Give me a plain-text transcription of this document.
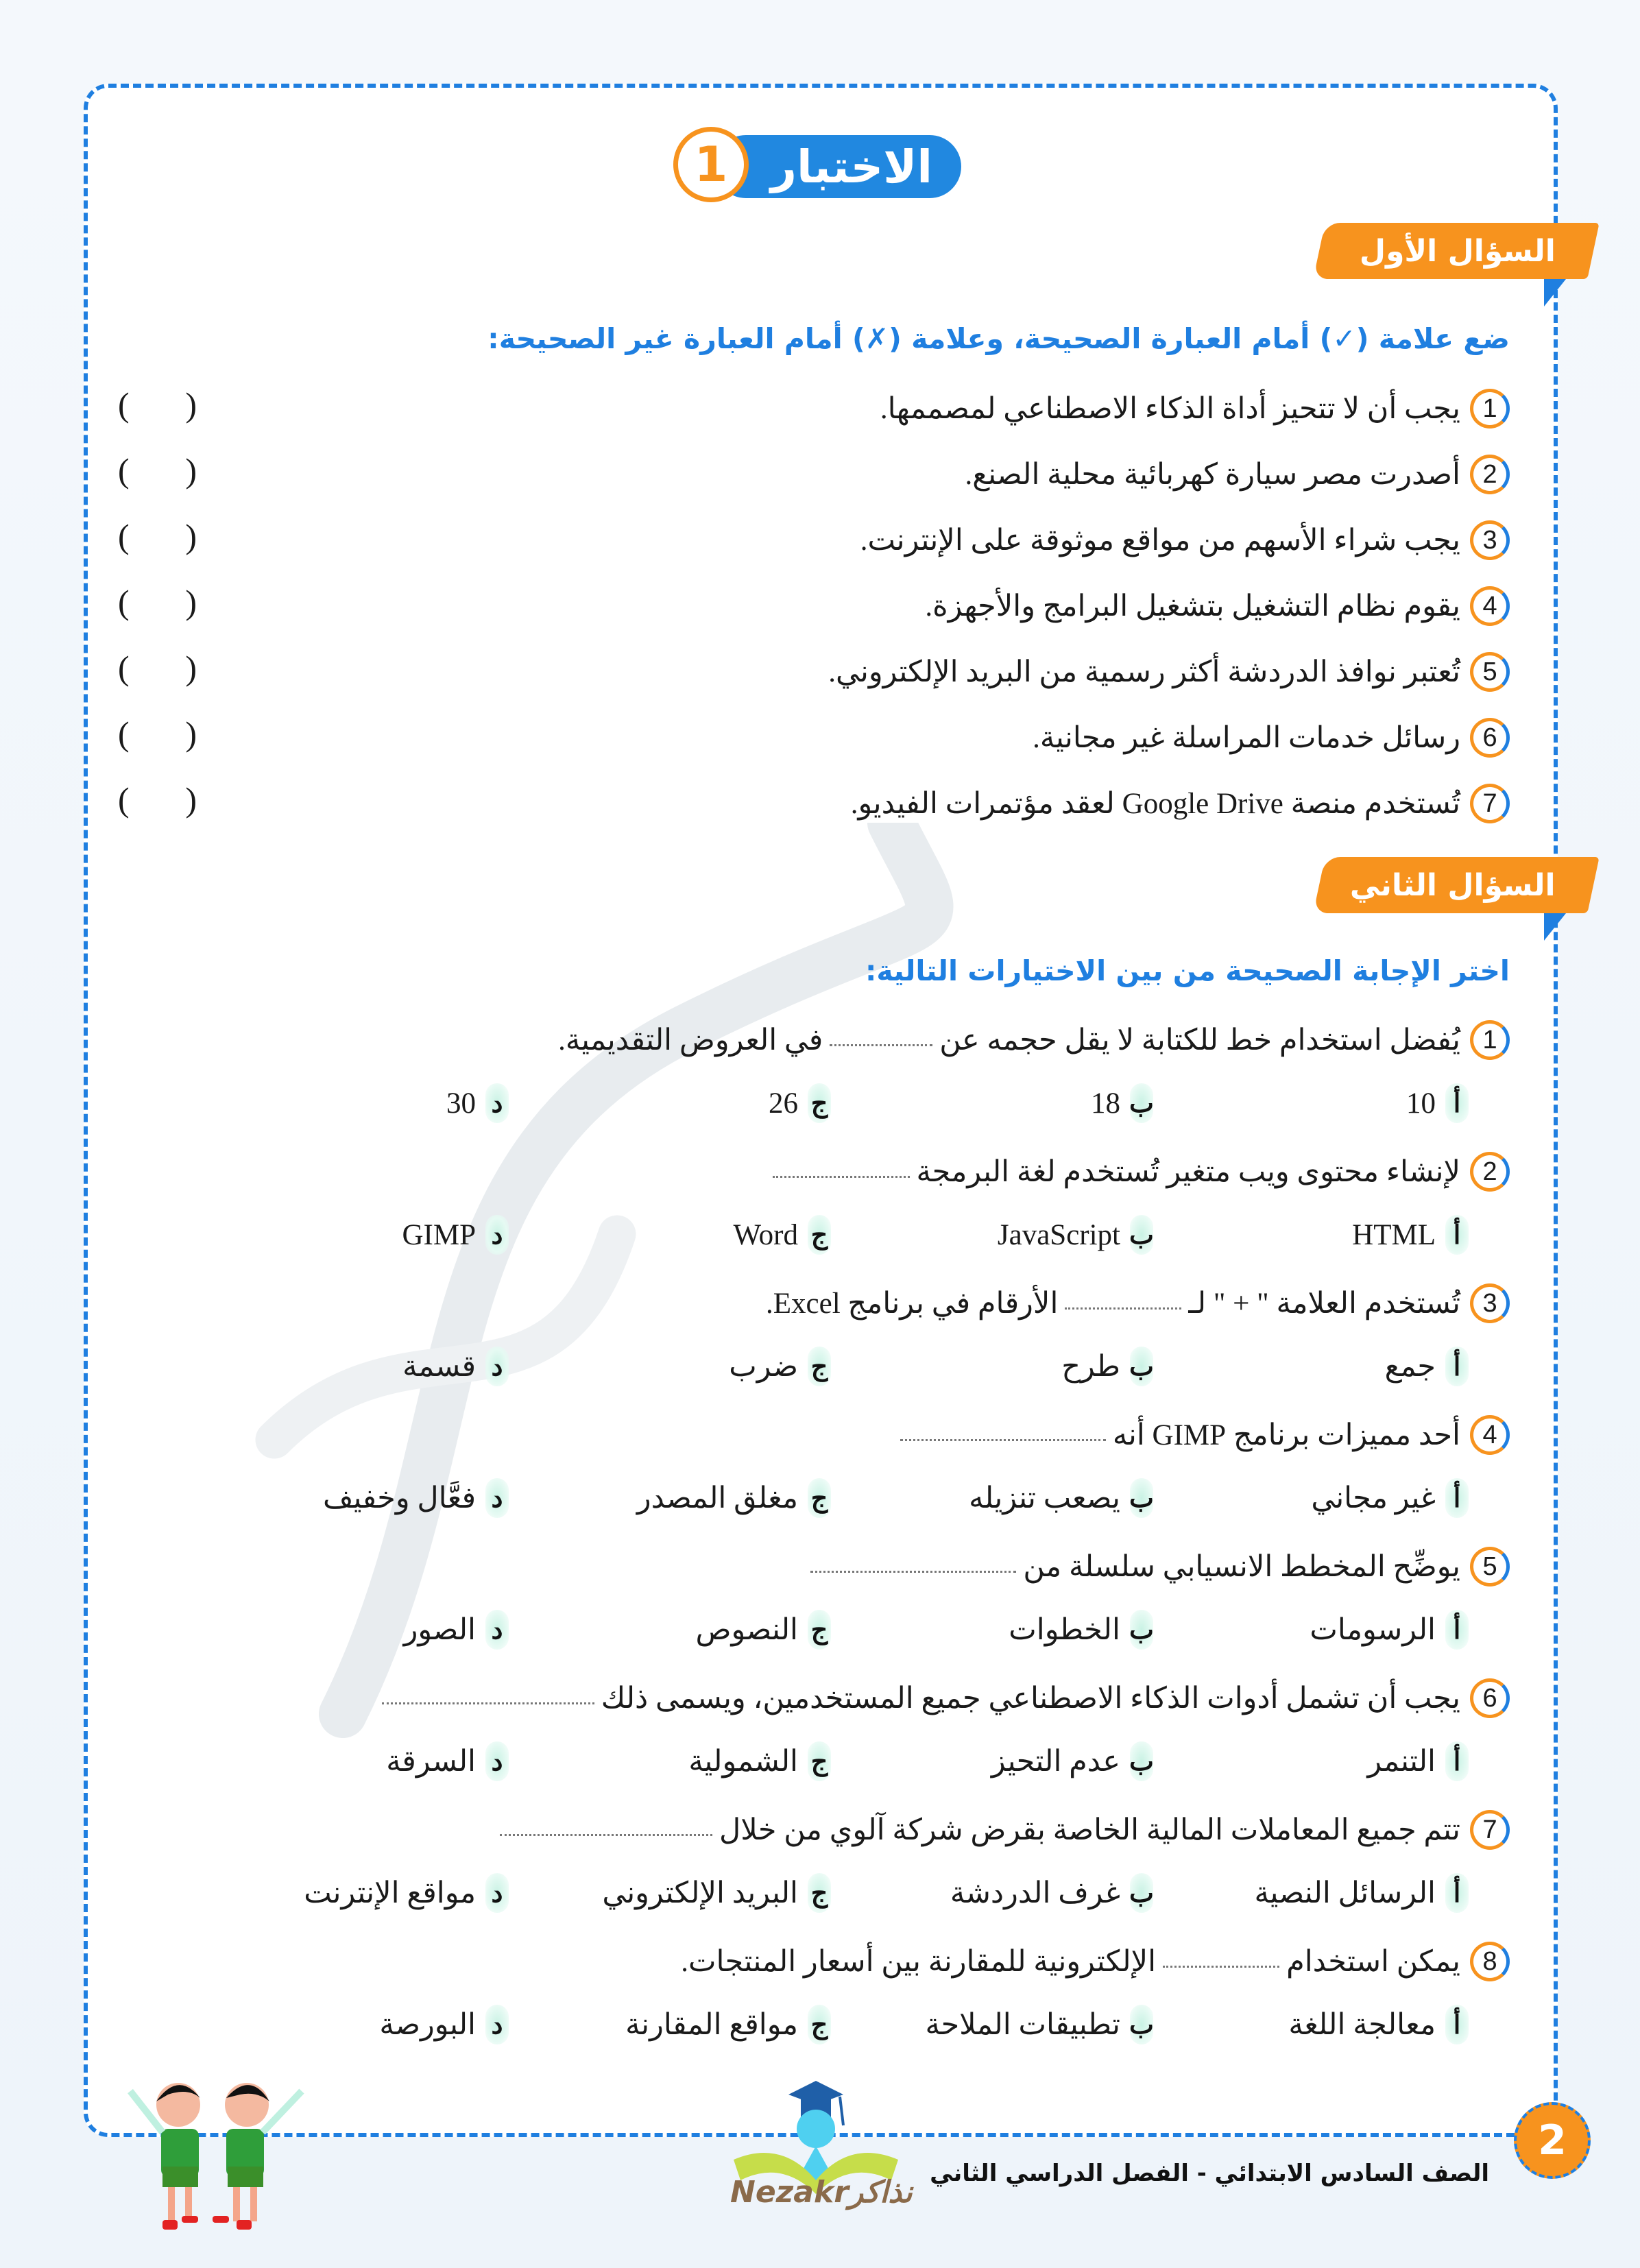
الاختبار
1
السؤال الأول
ضع علامة (✓) أمام العبارة الصحيحة، وعلامة (✗) أمام العبارة غير الصحيحة:
1
يجب أن لا تتحيز أداة الذكاء الاصطناعي لمصممها.
( )
2
أصدرت مصر سيارة كهربائية محلية الصنع.
( )
3
يجب شراء الأسهم من مواقع موثوقة على الإنترنت.
( )
4
يقوم نظام التشغيل بتشغيل البرامج والأجهزة.
( )
5
تُعتبر نوافذ الدردشة أكثر رسمية من البريد الإلكتروني.
( )
6
رسائل خدمات المراسلة غير مجانية.
( )
7
تُستخدم منصة Google Drive لعقد مؤتمرات الفيديو.
( )
السؤال الثاني
اختر الإجابة الصحيحة من بين الاختيارات التالية:
1
يُفضل استخدام خط للكتابة لا يقل حجمه عن
في العروض التقديمية.
أ
10
ب
18
ج
26
د
30
2
لإنشاء محتوى ويب متغير تُستخدم لغة البرمجة
أ
HTML
ب
JavaScript
ج
Word
د
GIMP
3
تُستخدم العلامة " + " لـ
الأرقام في برنامج Excel.
أ
جمع
ب
طرح
ج
ضرب
د
قسمة
4
أحد مميزات برنامج GIMP أنه
أ
غير مجاني
ب
يصعب تنزيله
ج
مغلق المصدر
د
فعَّال وخفيف
5
يوضِّح المخطط الانسيابي سلسلة من
أ
الرسومات
ب
الخطوات
ج
النصوص
د
الصور
6
يجب أن تشمل أدوات الذكاء الاصطناعي جميع المستخدمين، ويسمى ذلك
أ
التنمر
ب
عدم التحيز
ج
الشمولية
د
السرقة
7
تتم جميع المعاملات المالية الخاصة بقرض شركة آلوي من خلال
أ
الرسائل النصية
ب
غرف الدردشة
ج
البريد الإلكتروني
د
مواقع الإنترنت
8
يمكن استخدام
الإلكترونية للمقارنة بين أسعار المنتجات.
أ
معالجة اللغة
ب
تطبيقات الملاحة
ج
مواقع المقارنة
د
البورصة
Nezakrنذاكر
الصف السادس الابتدائي - الفصل الدراسي الثاني
2
